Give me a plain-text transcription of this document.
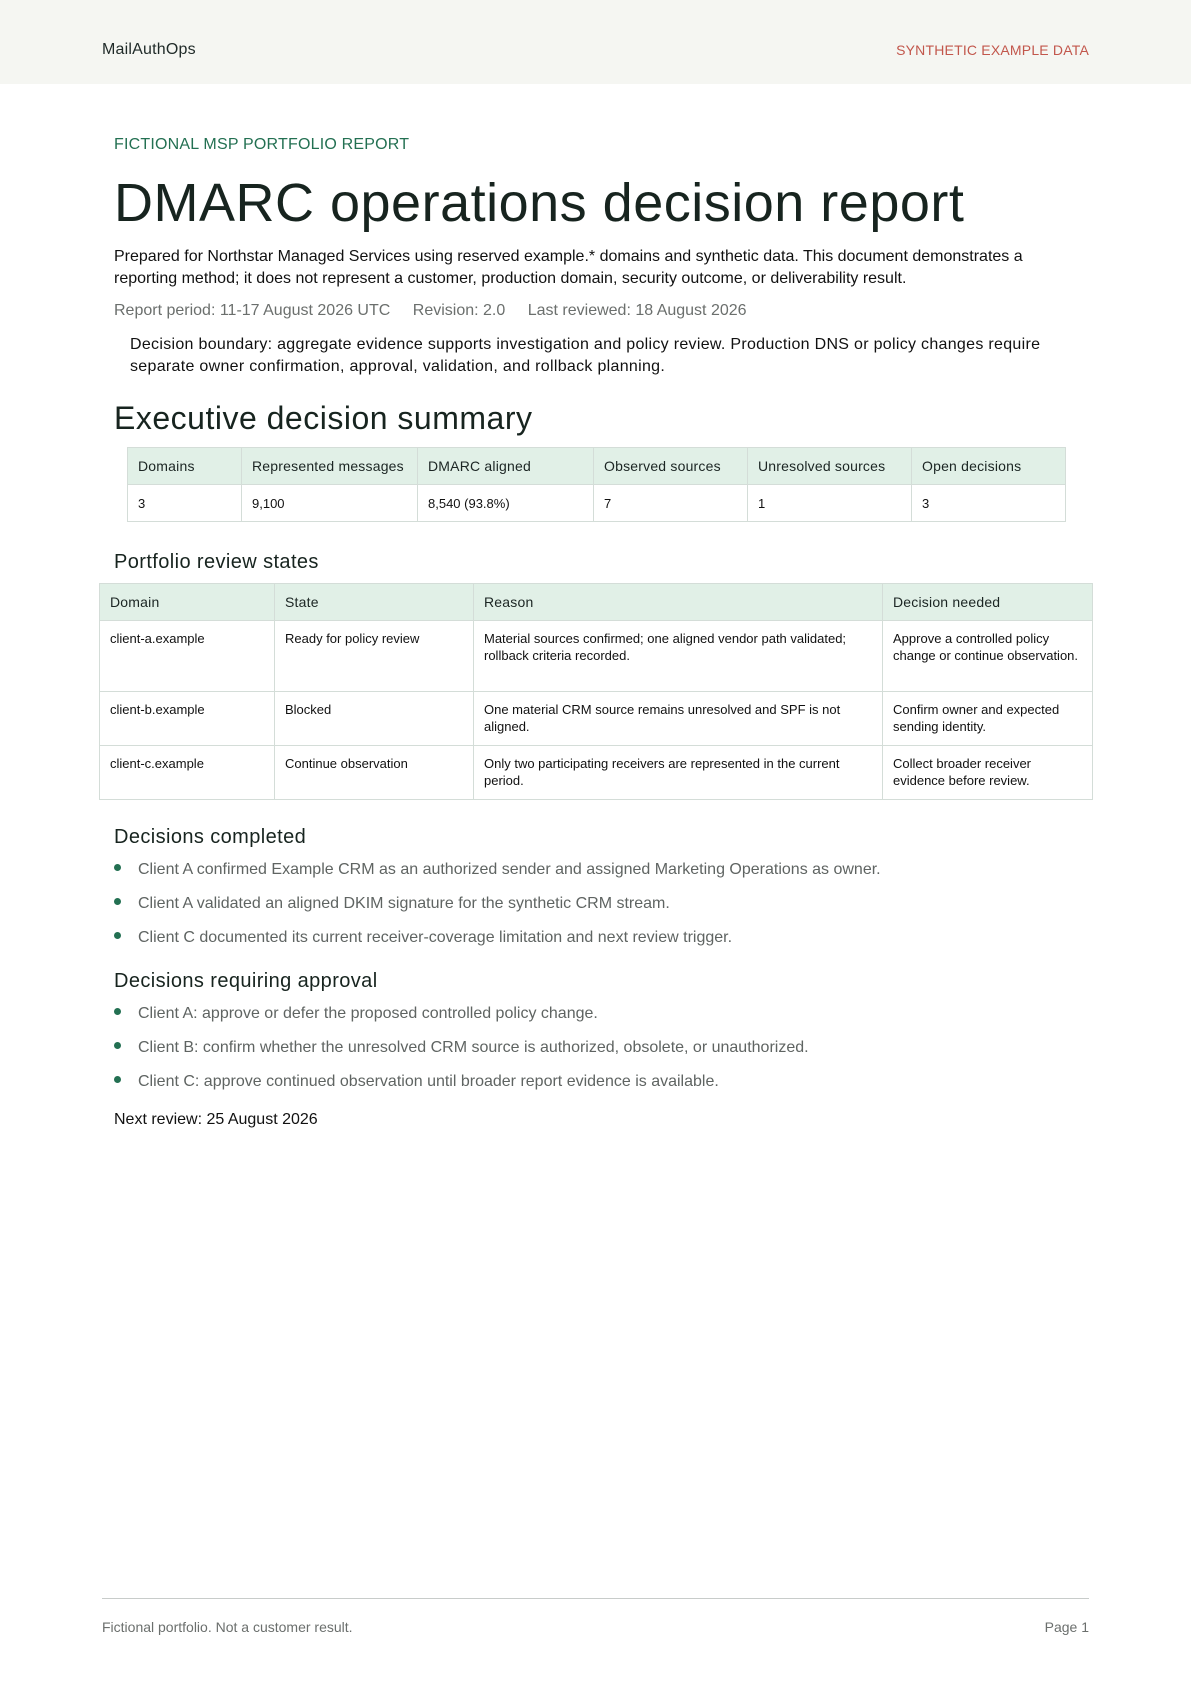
MailAuthOps	SYNTHETIC EXAMPLE DATA
FICTIONAL MSP PORTFOLIO REPORT
DMARC operations decision report
Prepared for Northstar Managed Services using reserved example.* domains and synthetic data. This document demonstrates a reporting method; it does not represent a customer, production domain, security outcome, or deliverability result.
Report period: 11-17 August 2026 UTC Revision: 2.0 Last reviewed: 18 August 2026
Decision boundary: aggregate evidence supports investigation and policy review. Production DNS or policy changes require separate owner confirmation, approval, validation, and rollback planning.
Executive decision summary
Domains	Represented messages	DMARC aligned	Observed sources	Unresolved sources	Open decisions
3	9,100	8,540 (93.8%)	7	1	3
Portfolio review states
Domain	State	Reason	Decision needed
client-a.example	Ready for policy review	Material sources confirmed; one aligned vendor path validated; rollback criteria recorded.	Approve a controlled policy change or continue observation.
client-b.example	Blocked	One material CRM source remains unresolved and SPF is not aligned.	Confirm owner and expected sending identity.
client-c.example	Continue observation	Only two participating receivers are represented in the current period.	Collect broader receiver evidence before review.
Decisions completed
Client A confirmed Example CRM as an authorized sender and assigned Marketing Operations as owner.
Client A validated an aligned DKIM signature for the synthetic CRM stream.
Client C documented its current receiver-coverage limitation and next review trigger.
Decisions requiring approval
Client A: approve or defer the proposed controlled policy change.
Client B: confirm whether the unresolved CRM source is authorized, obsolete, or unauthorized.
Client C: approve continued observation until broader report evidence is available.
Next review: 25 August 2026
Fictional portfolio. Not a customer result.	Page 1
